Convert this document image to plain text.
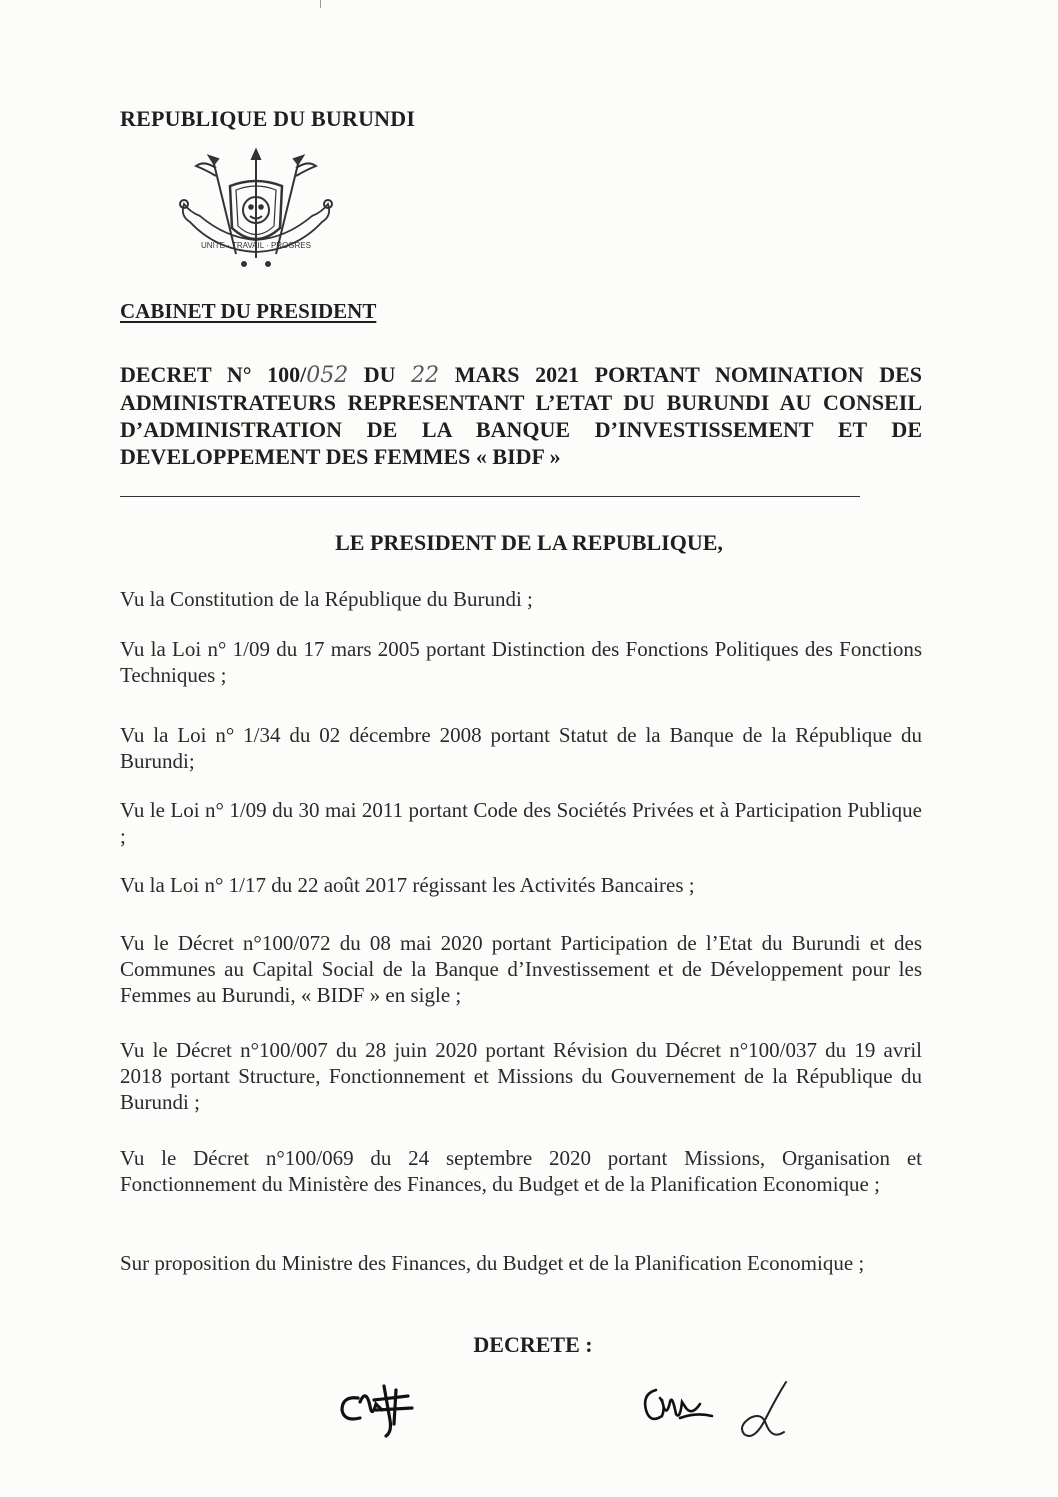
REPUBLIQUE DU BURUNDI
UNITE · TRAVAIL · PROGRES
CABINET DU PRESIDENT

DECRET N° 100/052 DU 22 MARS 2021 PORTANT NOMINATION DES ADMINISTRATEURS REPRESENTANT L’ETAT DU BURUNDI AU CONSEIL D’ADMINISTRATION DE LA BANQUE D’INVESTISSEMENT ET DE DEVELOPPEMENT DES FEMMES « BIDF »

LE PRESIDENT DE LA REPUBLIQUE,

Vu la Constitution de la République du Burundi ;

Vu la Loi n° 1/09 du 17 mars 2005 portant Distinction des Fonctions Politiques des Fonctions Techniques ;

Vu la Loi n° 1/34 du 02 décembre 2008 portant Statut de la Banque de la République du Burundi;

Vu le Loi n° 1/09 du 30 mai 2011 portant Code des Sociétés Privées et à Participation Publique ;

Vu la Loi n° 1/17 du 22 août 2017 régissant les Activités Bancaires ;

Vu le Décret n°100/072 du 08 mai 2020 portant Participation de l’Etat du Burundi et des Communes au Capital Social de la Banque d’Investissement et de Développement pour les Femmes au Burundi, « BIDF » en sigle ;

Vu le Décret n°100/007 du 28 juin 2020 portant Révision du Décret n°100/037 du 19 avril 2018 portant Structure, Fonctionnement et Missions du Gouvernement de la République du Burundi ;

Vu le Décret n°100/069 du 24 septembre 2020 portant Missions, Organisation et Fonctionnement du Ministère des Finances, du Budget et de la Planification Economique ;

Sur proposition du Ministre des Finances, du Budget et de la Planification Economique ;

DECRETE :
